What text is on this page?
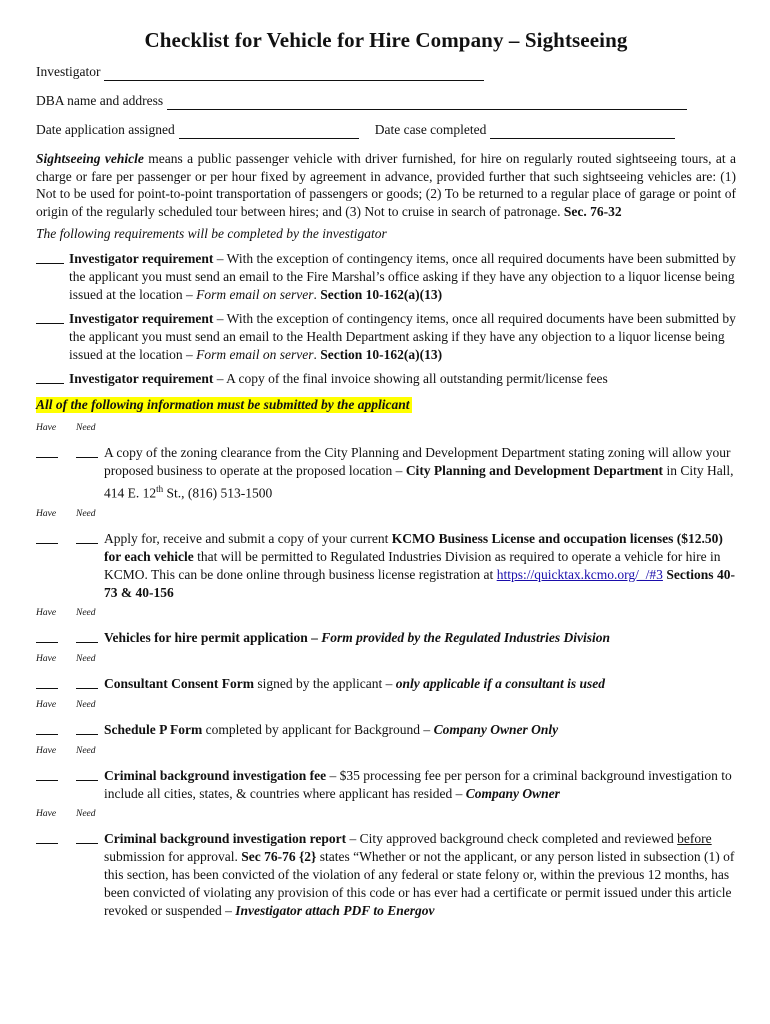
Checklist for Vehicle for Hire Company – Sightseeing
Investigator
DBA name and address
Date application assigned	Date case completed
Sightseeing vehicle means a public passenger vehicle with driver furnished, for hire on regularly routed sightseeing tours, at a charge or fare per passenger or per hour fixed by agreement in advance, provided further that such sightseeing vehicles are: (1) Not to be used for point-to-point transportation of passengers or goods; (2) To be returned to a regular place of garage or point of origin of the regularly scheduled tour between hires; and (3) Not to cruise in search of patronage. Sec. 76-32
The following requirements will be completed by the investigator
Investigator requirement – With the exception of contingency items, once all required documents have been submitted by the applicant you must send an email to the Fire Marshal’s office asking if they have any objection to a liquor license being issued at the location – Form email on server. Section 10-162(a)(13)
Investigator requirement – With the exception of contingency items, once all required documents have been submitted by the applicant you must send an email to the Health Department asking if they have any objection to a liquor license being issued at the location – Form email on server. Section 10-162(a)(13)
Investigator requirement – A copy of the final invoice showing all outstanding permit/license fees
All of the following information must be submitted by the applicant
Have	Need
A copy of the zoning clearance from the City Planning and Development Department stating zoning will allow your proposed business to operate at the proposed location – City Planning and Development Department in City Hall, 414 E. 12th St., (816) 513-1500
Have	Need
Apply for, receive and submit a copy of your current KCMO Business License and occupation licenses ($12.50) for each vehicle that will be permitted to Regulated Industries Division as required to operate a vehicle for hire in KCMO. This can be done online through business license registration at https://quicktax.kcmo.org/_/#3 Sections 40-73 & 40-156
Have	Need
Vehicles for hire permit application – Form provided by the Regulated Industries Division
Have	Need
Consultant Consent Form signed by the applicant – only applicable if a consultant is used
Have	Need
Schedule P Form completed by applicant for Background – Company Owner Only
Have	Need
Criminal background investigation fee – $35 processing fee per person for a criminal background investigation to include all cities, states, & countries where applicant has resided – Company Owner
Have	Need
Criminal background investigation report – City approved background check completed and reviewed before submission for approval. Sec 76-76 {2} states “Whether or not the applicant, or any person listed in subsection (1) of this section, has been convicted of the violation of any federal or state felony or, within the previous 12 months, has been convicted of violating any provision of this code or has ever had a certificate or permit issued under this article revoked or suspended – Investigator attach PDF to Energov
